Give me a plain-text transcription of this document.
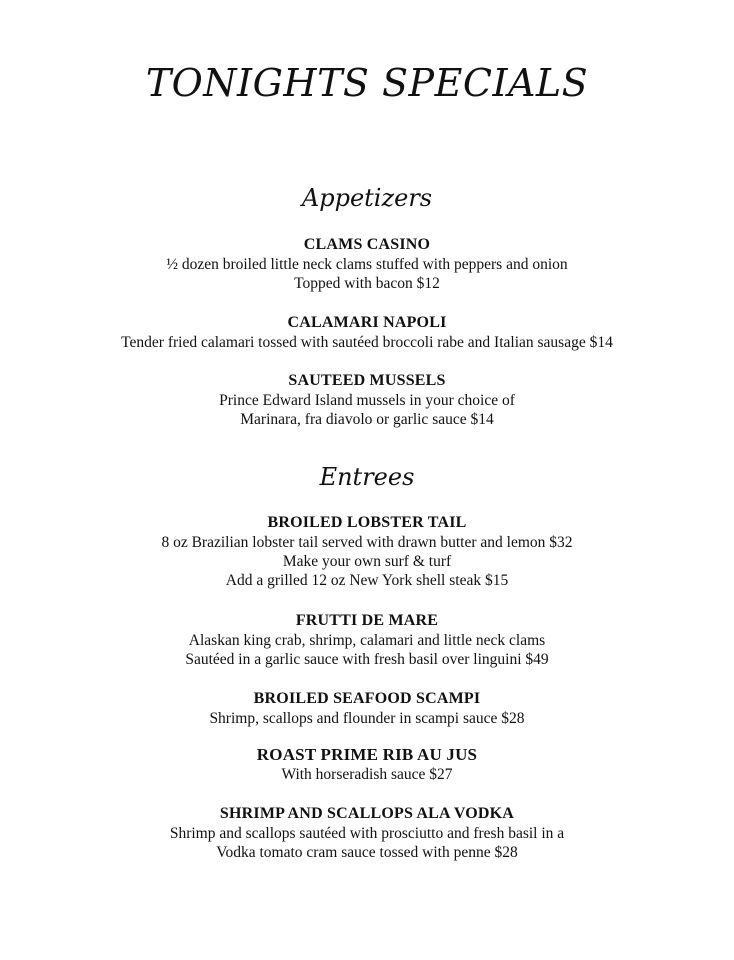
TONIGHTS SPECIALS
Appetizers
CLAMS CASINO
½ dozen broiled little neck clams stuffed with peppers and onion
Topped with bacon $12
CALAMARI NAPOLI
Tender fried calamari tossed with sautéed broccoli rabe and Italian sausage $14
SAUTEED MUSSELS
Prince Edward Island mussels in your choice of
Marinara, fra diavolo or garlic sauce $14
Entrees
BROILED LOBSTER TAIL
8 oz Brazilian lobster tail served with drawn butter and lemon $32
Make your own surf & turf
Add a grilled 12 oz New York shell steak $15
FRUTTI DE MARE
Alaskan king crab, shrimp, calamari and little neck clams
Sautéed in a garlic sauce with fresh basil over linguini $49
BROILED SEAFOOD SCAMPI
Shrimp, scallops and flounder in scampi sauce $28
ROAST PRIME RIB AU JUS
With horseradish sauce $27
SHRIMP AND SCALLOPS ALA VODKA
Shrimp and scallops sautéed with prosciutto and fresh basil in a
Vodka tomato cram sauce tossed with penne $28
